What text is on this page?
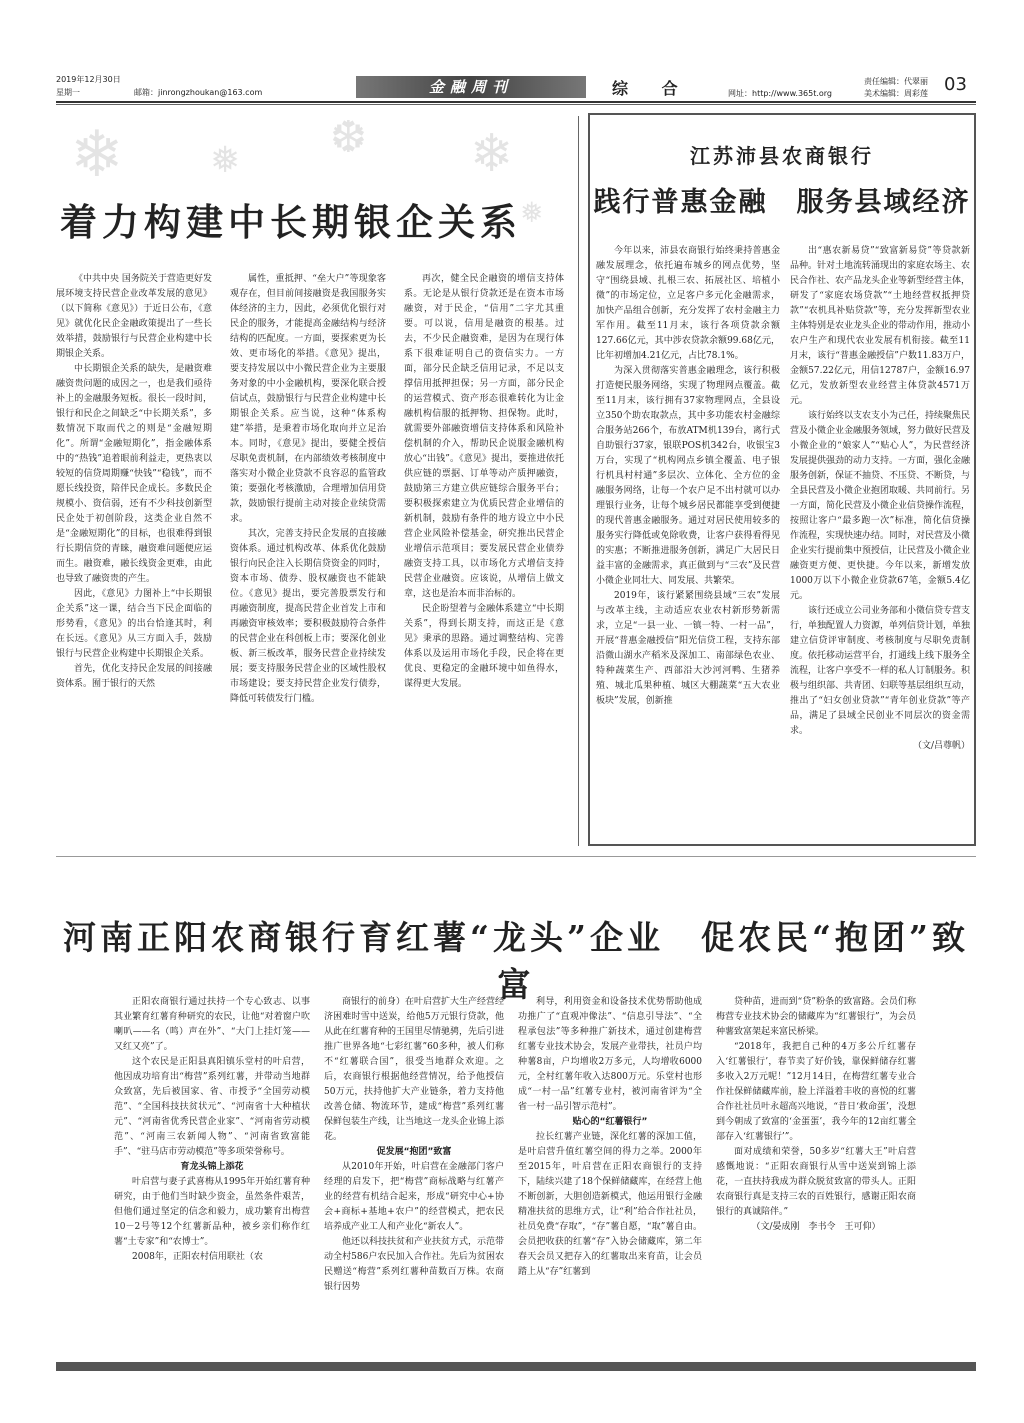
❄ ❅ ❆ ❄
❅
2019年12月30日
星期一	邮箱：jinrongzhoukan@163.com	金融周刊	综 合	网址：http://www.365t.org
责任编辑：代翠丽
美术编辑：周彩莲 03
着力构建中长期银企关系

《中共中央 国务院关于营造更好发展环境支持民营企业改革发展的意见》（以下简称《意见》）于近日公布，《意见》就优化民企金融政策提出了一些长效举措，鼓励银行与民营企业构建中长期银企关系。

中长期银企关系的缺失，是融资难融资贵问题的成因之一，也是我们亟待补上的金融服务短板。很长一段时间，银行和民企之间缺乏“中长期关系”，多数情况下取而代之的则是“金融短期化”。所谓“金融短期化”，指金融体系中的“热钱”追着眼前利益走，更热衷以较短的信贷周期赚“快钱”“稳钱”，而不愿长线投资，陪伴民企成长。多数民企规模小、资信弱，还有不少科技创新型民企处于初创阶段，这类企业自然不是“金融短期化”的目标，也很难得到银行长期信贷的青睐，融资难问题便应运而生。融资难，融长线资金更难，由此也导致了融资贵的产生。

因此，《意见》力图补上“中长期银企关系”这一课，结合当下民企面临的形势看，《意见》的出台恰逢其时，利在长远。《意见》从三方面入手，鼓励银行与民营企业构建中长期银企关系。

首先，优化支持民企发展的间接融资体系。囿于银行的天然

属性，重抵押、“垒大户”等现象客观存在，但目前间接融资是我国服务实体经济的主力，因此，必须优化银行对民企的服务，才能提高金融结构与经济结构的匹配度。一方面，要探索更为长效、更市场化的举措。《意见》提出，要支持发展以中小微民营企业为主要服务对象的中小金融机构，要深化联合授信试点，鼓励银行与民营企业构建中长期银企关系。应当说，这种“体系构建”举措，是秉着市场化取向并立足治本。同时，《意见》提出，要健全授信尽职免责机制，在内部绩效考核制度中落实对小微企业贷款不良容忍的监管政策；要强化考核激励，合理增加信用贷款，鼓励银行提前主动对接企业续贷需求。

其次，完善支持民企发展的直接融资体系。通过机构改革、体系优化鼓励银行向民企注入长期信贷资金的同时，资本市场、债券、股权融资也不能缺位。《意见》提出，要完善股票发行和再融资制度，提高民营企业首发上市和再融资审核效率；要积极鼓励符合条件的民营企业在科创板上市；要深化创业板、新三板改革，服务民营企业持续发展；要支持服务民营企业的区域性股权市场建设；要支持民营企业发行债券，降低可转债发行门槛。

再次，健全民企融资的增信支持体系。无论是从银行贷款还是在资本市场融资，对于民企，“信用”二字尤其重要。可以说，信用是融资的根基。过去，不少民企融资难，是因为在现行体系下很难证明自己的资信实力。一方面，部分民企缺乏信用记录，不足以支撑信用抵押担保；另一方面，部分民企的运营模式、资产形态很难转化为让金融机构信服的抵押物、担保物。此时，就需要外部融资增信支持体系和风险补偿机制的介入，帮助民企说服金融机构放心“出钱”。《意见》提出，要推进依托供应链的票据、订单等动产质押融资，鼓励第三方建立供应链综合服务平台；要积极探索建立为优质民营企业增信的新机制，鼓励有条件的地方设立中小民营企业风险补偿基金，研究推出民营企业增信示范项目；要发展民营企业债券融资支持工具，以市场化方式增信支持民营企业融资。应该说，从增信上做文章，这也是治本而非治标的。

民企盼望着与金融体系建立“中长期关系”，得到长期支持，而这正是《意见》秉承的思路。通过调整结构、完善体系以及运用市场化手段，民企将在更优良、更稳定的金融环境中如鱼得水，谋得更大发展。

江苏沛县农商银行
践行普惠金融　服务县域经济

今年以来，沛县农商银行始终秉持普惠金融发展理念，依托遍布城乡的网点优势，坚守“围绕县域、扎根三农、拓展社区、培植小微”的市场定位，立足客户多元化金融需求，加快产品组合创新，充分发挥了农村金融主力军作用。截至11月末，该行各项贷款余额127.66亿元，其中涉农贷款余额99.68亿元，比年初增加4.21亿元，占比78.1%。

为深入贯彻落实普惠金融理念，该行积极打造便民服务网络，实现了物理网点覆盖。截至11月末，该行拥有37家物理网点，全县设立350个助农取款点，其中多功能农村金融综合服务站266个，布放ATM机139台，离行式自助银行37家，银联POS机342台，收银宝3万台，实现了“机构网点乡镇全覆盖、电子银行机具村村通”多层次、立体化、全方位的金融服务网络，让每一个农户足不出村就可以办理银行业务，让每个城乡居民都能享受到便捷的现代普惠金融服务。通过对居民使用较多的服务实行降低或免除收费，让客户获得看得见的实惠；不断推进服务创新，满足广大居民日益丰富的金融需求，真正做到与“三农”及民营小微企业同壮大、同发展、共繁荣。

2019年，该行紧紧围绕县域“三农”发展与改革主线，主动适应农业农村新形势新需求，立足“一县一业、一镇一特、一村一品”，开展“普惠金融授信”阳光信贷工程，支持东部沿微山湖水产稻米及深加工、南部绿色农业、特种蔬菜生产、西部沿大沙河河鸭、生猪养殖、城北瓜果种植、城区大棚蔬菜“五大农业板块”发展，创新推

出“惠农新易贷”“致富新易贷”等贷款新品种。针对土地流转涌现出的家庭农场主、农民合作社、农产品龙头企业等新型经营主体，研发了“家庭农场贷款”“土地经营权抵押贷款”“农机具补贴贷款”等，充分发挥新型农业主体特别是农业龙头企业的带动作用，推动小农户生产和现代农业发展有机衔接。截至11月末，该行“普惠金融授信”户数11.83万户，金额57.22亿元，用信12787户，金额16.97亿元，发放新型农业经营主体贷款4571万元。

该行始终以支农支小为己任，持续聚焦民营及小微企业金融服务领域，努力做好民营及小微企业的“娘家人”“贴心人”，为民营经济发展提供强劲的动力支持。一方面，强化金融服务创新，保证不抽贷、不压贷、不断贷，与全县民营及小微企业抱团取暖、共同前行。另一方面，简化民营及小微企业信贷操作流程，按照让客户“最多跑一次”标准，简化信贷操作流程，实现快速办结。同时，对民营及小微企业实行提前集中预授信，让民营及小微企业融资更方便、更快捷。今年以来，新增发放1000万以下小微企业贷款67笔，金额5.4亿元。

该行还成立公司业务部和小微信贷专营支行，单独配置人力资源，单列信贷计划，单独建立信贷评审制度、考核制度与尽职免责制度。依托移动运营平台，打通线上线下服务全流程，让客户享受不一样的私人订制服务。积极与组织部、共青团、妇联等基层组织互动，推出了“妇女创业贷款”“青年创业贷款”等产品，满足了县域全民创业不同层次的资金需求。

（文/吕尊帆）

河南正阳农商银行育红薯“龙头”企业　促农民“抱团”致富

正阳农商银行通过扶持一个专心致志、以事其业繁育红薯育种研究的农民，让他“对着窗户吹喇叭——名（鸣）声在外”、“大门上挂灯笼——又红又亮”了。

这个农民是正阳县真阳镇乐堂村的叶启营，他因成功培育出“梅营”系列红薯，并带动当地群众致富，先后被国家、省、市授予“全国劳动模范”、“全国科技扶贫状元”、“河南省十大种植状元”、“河南省优秀民营企业家”、“河南省劳动模范”、“河南三农新闻人物”、“河南省致富能手”、“驻马店市劳动模范”等多项荣誉称号。

育龙头锦上添花

叶启营与妻子武喜梅从1995年开始红薯育种研究，由于他们当时缺少资金，虽然条件艰苦，但他们通过坚定的信念和毅力，成功繁育出梅营10－2号等12个红薯新品种，被乡亲们称作红薯“土专家”和“农博士”。

2008年，正阳农村信用联社（农

商银行的前身）在叶启营扩大生产经营经济困难时雪中送炭，给他5万元银行贷款，他从此在红薯育种的王国里尽情驰骋，先后引进推广世界各地“七彩红薯”60多种，被人们称不“红薯联合国”，很受当地群众欢迎。之后，农商银行根据他经营情况，给予他授信50万元，扶持他扩大产业链条，着力支持他改善仓储、物流环节，建成“梅营”系列红薯保鲜包装生产线，让当地这一龙头企业锦上添花。

促发展“抱团”致富

从2010年开始，叶启营在金融部门客户经理的启发下，把“梅营”商标战略与红薯产业的经营有机结合起来，形成“研究中心+协会+商标+基地+农户”的经营模式，把农民培养成产业工人和产业化“新农人”。

他还以科技扶贫和产业扶贫方式，示范带动全村586户农民加入合作社。先后为贫困农民赠送“梅营”系列红薯种苗数百万株。农商银行因势

利导，利用资金和设备技术优势帮助他成功推广了“直观冲像法”、“信息引导法”、“全程承包法”等多种推广新技术，通过创建梅营红薯专业技术协会，发展产业带扶，社员户均种薯8亩，户均增收2万多元，人均增收6000元，全村红薯年收入达800万元。乐堂村也形成“一村一品”红薯专业村，被河南省评为“全省一村一品引智示范村”。

贴心的“红薯银行”

拉长红薯产业链，深化红薯的深加工值，是叶启营升值红薯空间的得力之举。2000年至2015年，叶启营在正阳农商银行的支持下，陆续兴建了18个保鲜储藏库，在经营上他不断创新，大胆创造新模式，他运用银行金融精准扶贫的思维方式，让“利”给合作社社员，社员免费“存取”，“存”薯自愿，“取”薯自由。会员把收获的红薯“存”入协会储藏库，第二年春天会员又把存入的红薯取出来育苗，让会员踏上从“存”红薯到

贷种苗，进而到“贷”粉条的致富路。会员们称梅营专业技术协会的储藏库为“红薯银行”，为会员种薯致富架起来富民桥梁。

“2018年，我把自己种的4万多公斤红薯存入‘红薯银行’，春节卖了好价钱，靠保鲜储存红薯多收入2万元呢！”12月14日，在梅营红薯专业合作社保鲜储藏库前，脸上洋溢着丰收的喜悦的红薯合作社社员叶永超高兴地说，“昔日‘救命蛋’，没想到今朝成了致富的‘金蛋蛋’，我今年的12亩红薯全部存入‘红薯银行’”。

面对成绩和荣誉，50多岁“红薯大王”叶启营感慨地说：“正阳农商银行从雪中送炭到锦上添花，一直扶持我成为群众脱贫致富的带头人。正阳农商银行真是支持三农的百姓银行，感谢正阳农商银行的真诚陪伴。”

（文/晏成刚　李书令　王可仰）
